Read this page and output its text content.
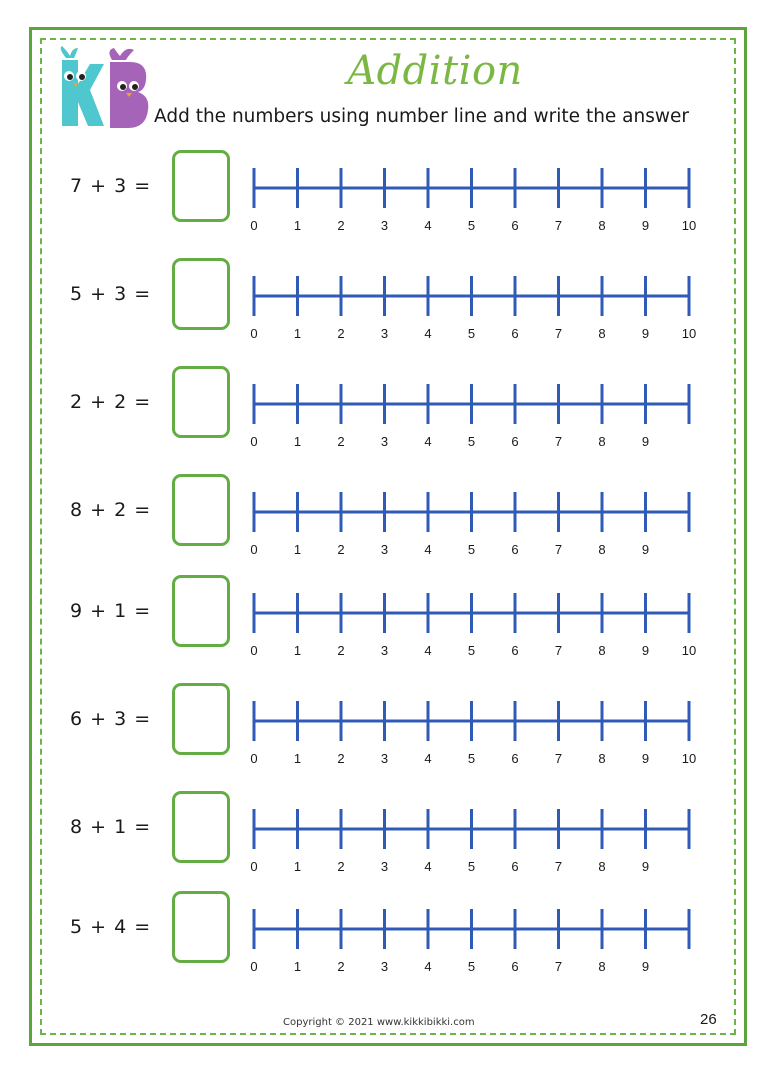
Addition
Add the numbers using number line and write the answer
7 + 3 =
0	1	2	3	4	5	6	7	8	9	10
5 + 3 =
0	1	2	3	4	5	6	7	8	9	10
2 + 2 =
0	1	2	3	4	5	6	7	8	9
8 + 2 =
0	1	2	3	4	5	6	7	8	9
9 + 1 =
0	1	2	3	4	5	6	7	8	9	10
6 + 3 =
0	1	2	3	4	5	6	7	8	9	10
8 + 1 =
0	1	2	3	4	5	6	7	8	9
5 + 4 =
0	1	2	3	4	5	6	7	8	9
Copyright © 2021 www.kikkibikki.com	26
